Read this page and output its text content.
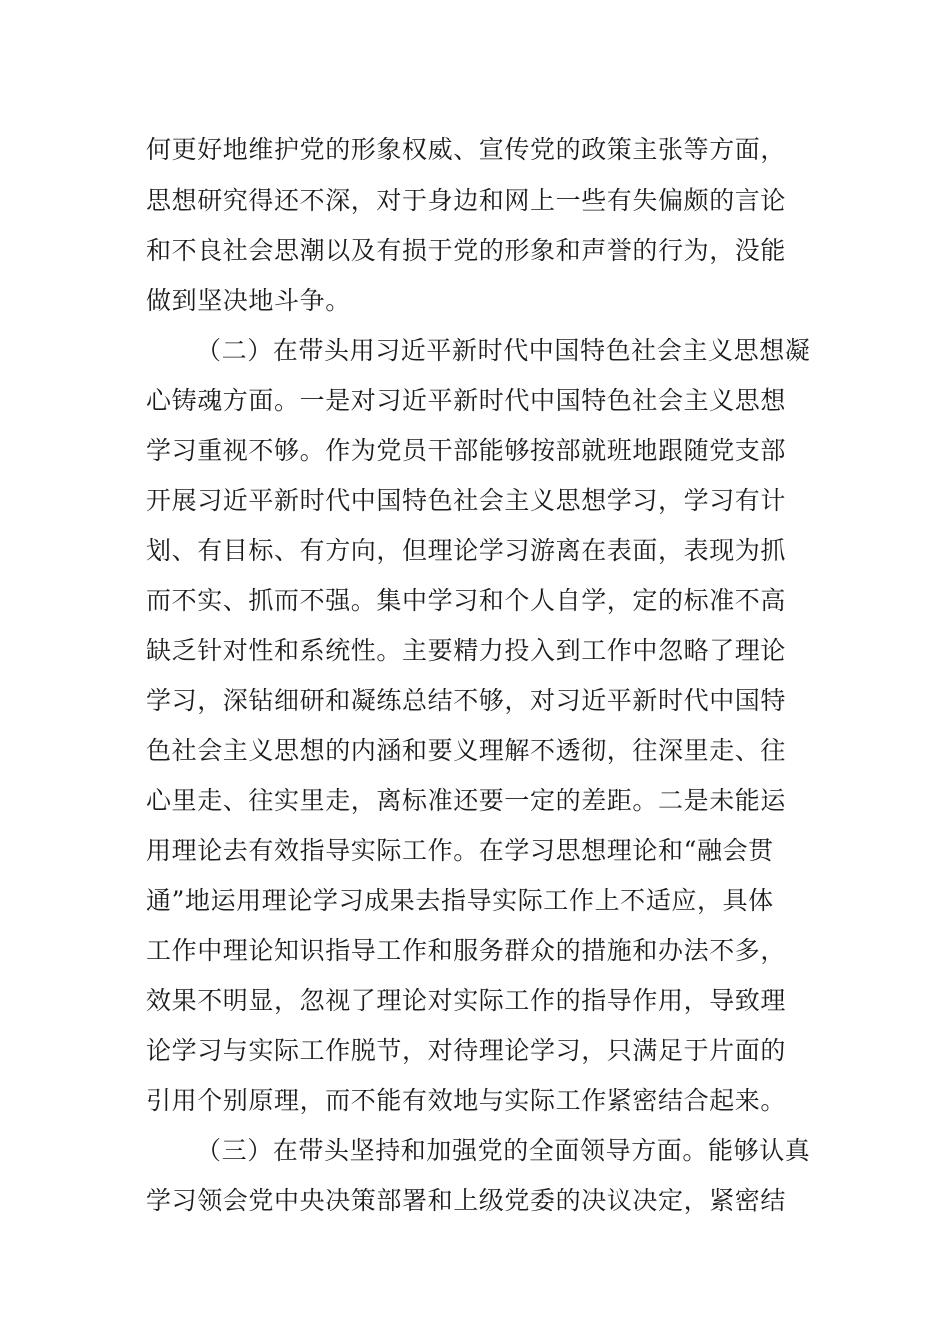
何更好地维护党的形象权威、宣传党的政策主张等方面，

思想研究得还不深，对于身边和网上一些有失偏颇的言论

和不良社会思潮以及有损于党的形象和声誉的行为，没能

做到坚决地斗争。

（二）在带头用习近平新时代中国特色社会主义思想凝

心铸魂方面。一是对习近平新时代中国特色社会主义思想

学习重视不够。作为党员干部能够按部就班地跟随党支部

开展习近平新时代中国特色社会主义思想学习，学习有计

划、有目标、有方向，但理论学习游离在表面，表现为抓

而不实、抓而不强。集中学习和个人自学，定的标准不高

缺乏针对性和系统性。主要精力投入到工作中忽略了理论

学习，深钻细研和凝练总结不够，对习近平新时代中国特

色社会主义思想的内涵和要义理解不透彻，往深里走、往

心里走、往实里走，离标准还要一定的差距。二是未能运

用理论去有效指导实际工作。在学习思想理论和“融会贯

通”地运用理论学习成果去指导实际工作上不适应，具体

工作中理论知识指导工作和服务群众的措施和办法不多，

效果不明显，忽视了理论对实际工作的指导作用，导致理

论学习与实际工作脱节，对待理论学习，只满足于片面的

引用个别原理，而不能有效地与实际工作紧密结合起来。

（三）在带头坚持和加强党的全面领导方面。能够认真

学习领会党中央决策部署和上级党委的决议决定，紧密结
